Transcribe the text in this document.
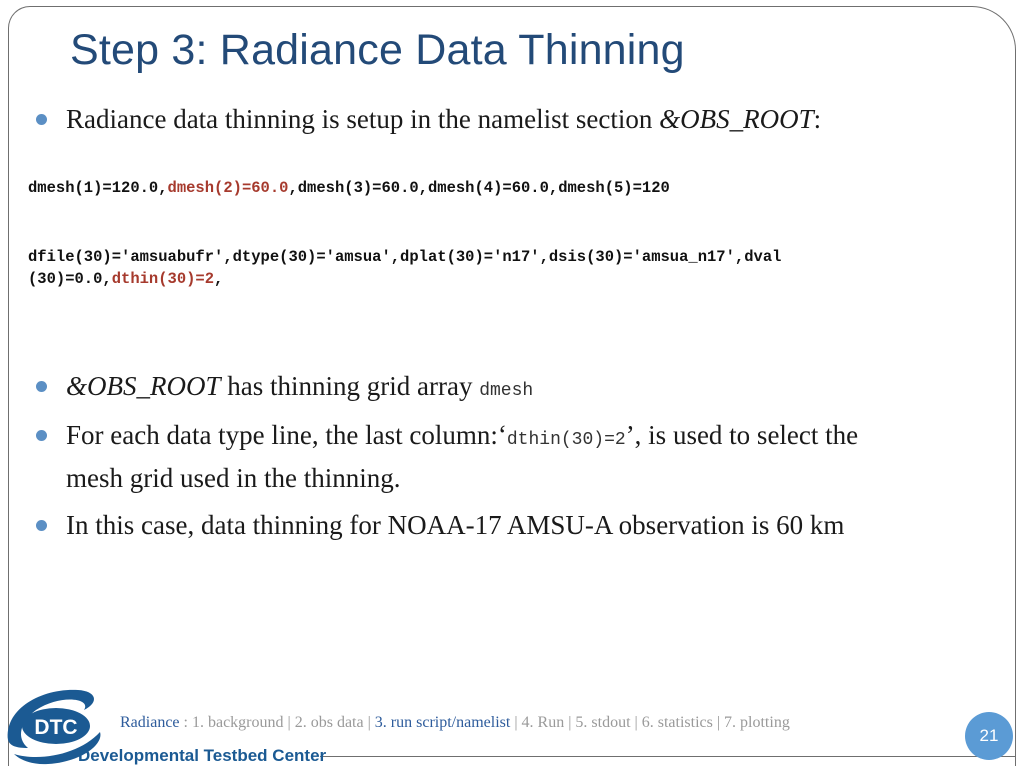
Step 3: Radiance Data Thinning
Radiance data thinning is setup in the namelist section &OBS_ROOT:
dmesh(1)=120.0,dmesh(2)=60.0,dmesh(3)=60.0,dmesh(4)=60.0,dmesh(5)=120
dfile(30)='amsuabufr',dtype(30)='amsua',dplat(30)='n17',dsis(30)='amsua_n17',dval
(30)=0.0,dthin(30)=2,
&OBS_ROOT has thinning grid array dmesh
For each data type line, the last column:‘dthin(30)=2’, is used to select the
mesh grid used in the thinning.
In this case, data thinning for NOAA-17 AMSU-A observation is 60 km
DTC
Developmental Testbed Center
Radiance : 1. background | 2. obs data | 3. run script/namelist | 4. Run | 5. stdout | 6. statistics | 7. plotting
21
